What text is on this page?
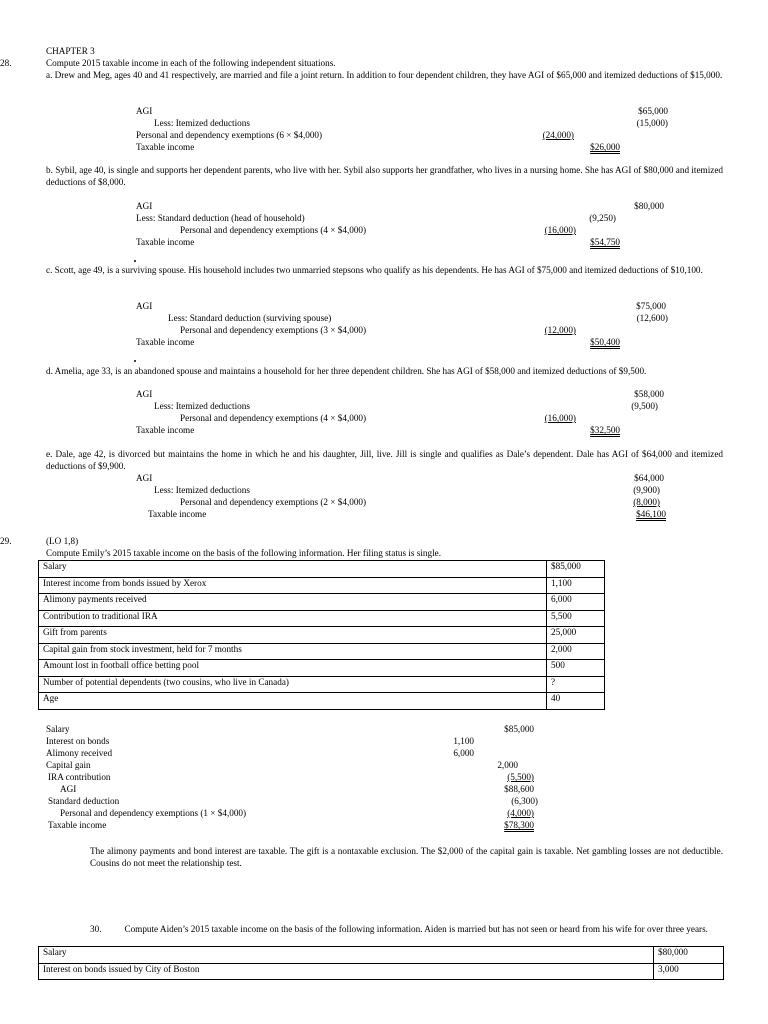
CHAPTER 3
28.	Compute 2015 taxable income in each of the following independent situations.
a. Drew and Meg, ages 40 and 41 respectively, are married and file a joint return. In addition to four dependent children, they have AGI of $65,000 and itemized deductions of $15,000.
AGI	$65,000
Less: Itemized deductions	(15,000)
Personal and dependency exemptions (6 × $4,000)	(24,000)
Taxable income	$26,000
b. Sybil, age 40, is single and supports her dependent parents, who live with her. Sybil also supports her grandfather, who lives in a nursing home. She has AGI of $80,000 and itemized deductions of $8,000.
AGI	$80,000
Less: Standard deduction (head of household)	(9,250)
Personal and dependency exemptions (4 × $4,000)	(16,000)
Taxable income	$54,750
c. Scott, age 49, is a surviving spouse. His household includes two unmarried stepsons who qualify as his dependents. He has AGI of $75,000 and itemized deductions of $10,100.
AGI	$75,000
Less: Standard deduction (surviving spouse)	(12,600)
Personal and dependency exemptions (3 × $4,000)	(12,000)
Taxable income	$50,400
d. Amelia, age 33, is an abandoned spouse and maintains a household for her three dependent children. She has AGI of $58,000 and itemized deductions of $9,500.
AGI	$58,000
Less: Itemized deductions	(9,500)
Personal and dependency exemptions (4 × $4,000)	(16,000)
Taxable income	$32,500
e. Dale, age 42, is divorced but maintains the home in which he and his daughter, Jill, live. Jill is single and qualifies as Dale’s dependent. Dale has AGI of $64,000 and itemized deductions of $9,900.
AGI	$64,000
Less: Itemized deductions	(9,900)
Personal and dependency exemptions (2 × $4,000)	(8,000)
Taxable income	$46,100
29.	(LO 1,8)
Compute Emily’s 2015 taxable income on the basis of the following information. Her filing status is single.
Salary	$85,000
Interest income from bonds issued by Xerox	1,100
Alimony payments received	6,000
Contribution to traditional IRA	5,500
Gift from parents	25,000
Capital gain from stock investment, held for 7 months	2,000
Amount lost in football office betting pool	500
Number of potential dependents (two cousins, who live in Canada)	?
Age	40
Salary	$85,000
Interest on bonds	1,100
Alimony received	6,000
Capital gain	2,000
IRA contribution	(5,500)
AGI	$88,600
Standard deduction	(6,300)
Personal and dependency exemptions (1 × $4,000)	(4,000)
Taxable income	$78,300
The alimony payments and bond interest are taxable. The gift is a nontaxable exclusion. The $2,000 of the capital gain is taxable. Net gambling losses are not deductible. Cousins do not meet the relationship test.
30. Compute Aiden’s 2015 taxable income on the basis of the following information. Aiden is married but has not seen or heard from his wife for over three years.
Salary	$80,000
Interest on bonds issued by City of Boston	3,000
